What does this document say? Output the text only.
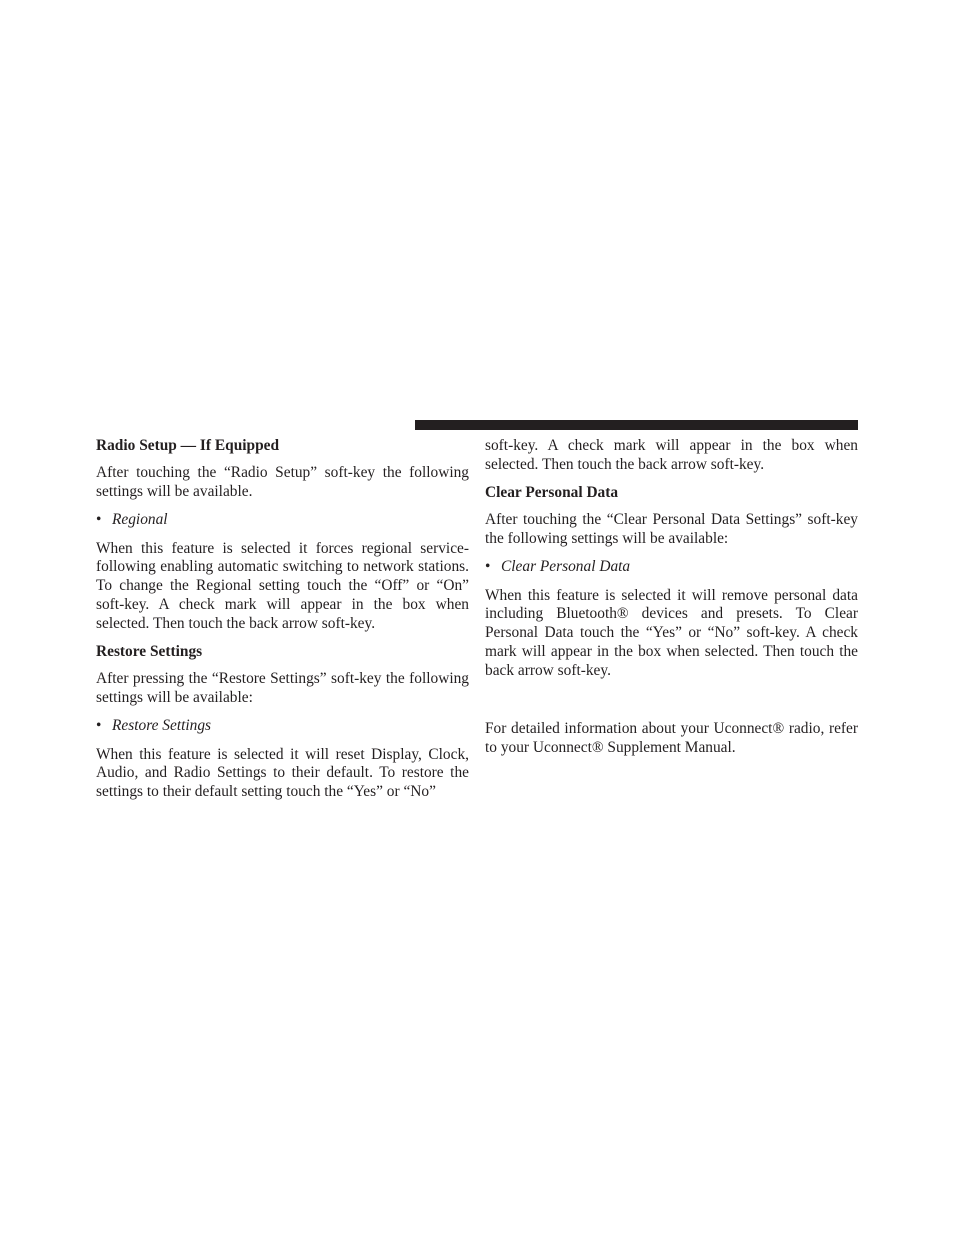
Radio Setup — If Equipped

After touching the “Radio Setup” soft-key the following settings will be available.

• Regional

When this feature is selected it forces regional service-following enabling automatic switching to network stations. To change the Regional setting touch the “Off” or “On” soft-key. A check mark will appear in the box when selected. Then touch the back arrow soft-key.

Restore Settings

After pressing the “Restore Settings” soft-key the following settings will be available:

• Restore Settings

When this feature is selected it will reset Display, Clock, Audio, and Radio Settings to their default. To restore the settings to their default setting touch the “Yes” or “No”

soft-key. A check mark will appear in the box when selected. Then touch the back arrow soft-key.

Clear Personal Data

After touching the “Clear Personal Data Settings” soft-key the following settings will be available:

• Clear Personal Data

When this feature is selected it will remove personal data including Bluetooth® devices and presets. To Clear Personal Data touch the “Yes” or “No” soft-key. A check mark will appear in the box when selected. Then touch the back arrow soft-key.

For detailed information about your Uconnect® radio, refer to your Uconnect® Supplement Manual.
